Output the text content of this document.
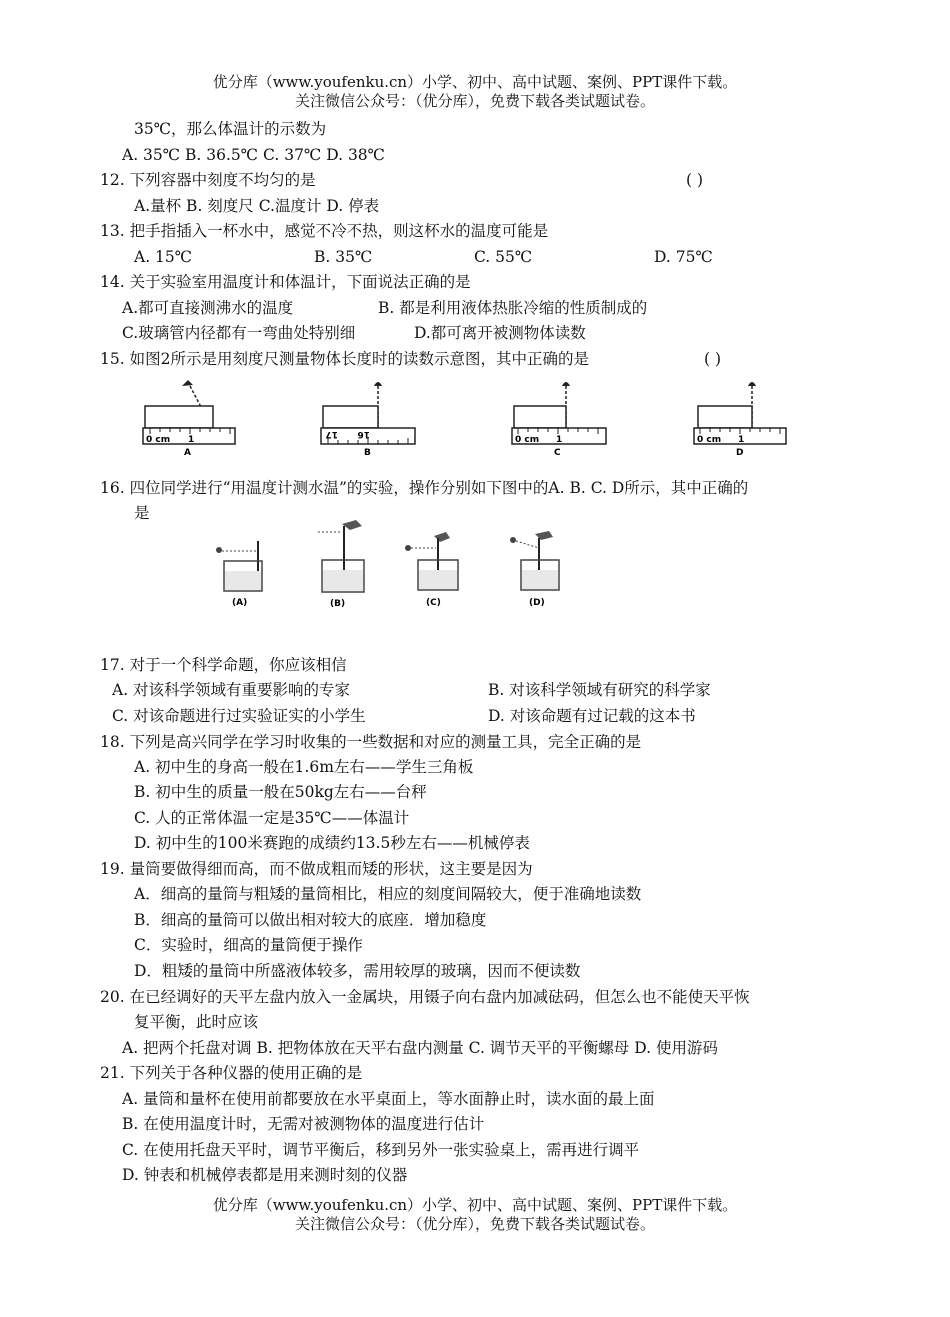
优分库（www.youfenku.cn）小学、初中、高中试题、案例、PPT课件下载。
关注微信公众号：（优分库），免费下载各类试题试卷。
35℃，那么体温计的示数为
A. 35℃ B. 36.5℃ C. 37℃ D. 38℃
12. 下列容器中刻度不均匀的是	( )
A.量杯 B. 刻度尺 C.温度计 D. 停表
13. 把手指插入一杯水中，感觉不冷不热，则这杯水的温度可能是
A. 15℃	B. 35℃	C. 55℃	D. 75℃
14. 关于实验室用温度计和体温计，下面说法正确的是
A.都可直接测沸水的温度	B. 都是利用液体热胀冷缩的性质制成的
C.玻璃管内径都有一弯曲处特别细	D.都可离开被测物体读数
15. 如图2所示是用刻度尺测量物体长度时的读数示意图，其中正确的是	( )
0 cm 1
A
17 16
B
0 cm 1
C
0 cm 1
D
16. 四位同学进行“用温度计测水温”的实验，操作分别如下图中的A. B. C. D所示，其中正确的
是
(A)	(B)	(C)	(D)
17. 对于一个科学命题，你应该相信
A. 对该科学领域有重要影响的专家	B. 对该科学领域有研究的科学家
C. 对该命题进行过实验证实的小学生	D. 对该命题有过记载的这本书
18. 下列是高兴同学在学习时收集的一些数据和对应的测量工具，完全正确的是
A. 初中生的身高一般在1.6m左右——学生三角板
B. 初中生的质量一般在50kg左右——台秤
C. 人的正常体温一定是35℃——体温计
D. 初中生的100米赛跑的成绩约13.5秒左右——机械停表
19. 量筒要做得细而高，而不做成粗而矮的形状，这主要是因为
A．细高的量筒与粗矮的量筒相比，相应的刻度间隔较大，便于准确地读数
B．细高的量筒可以做出相对较大的底座．增加稳度
C．实验时，细高的量筒便于操作
D．粗矮的量筒中所盛液体较多，需用较厚的玻璃，因而不便读数
20. 在已经调好的天平左盘内放入一金属块，用镊子向右盘内加减砝码，但怎么也不能使天平恢
复平衡，此时应该
A. 把两个托盘对调 B. 把物体放在天平右盘内测量 C. 调节天平的平衡螺母 D. 使用游码
21. 下列关于各种仪器的使用正确的是
A. 量筒和量杯在使用前都要放在水平桌面上，等水面静止时，读水面的最上面
B. 在使用温度计时，无需对被测物体的温度进行估计
C. 在使用托盘天平时，调节平衡后，移到另外一张实验桌上，需再进行调平
D. 钟表和机械停表都是用来测时刻的仪器
优分库（www.youfenku.cn）小学、初中、高中试题、案例、PPT课件下载。
关注微信公众号：（优分库），免费下载各类试题试卷。
